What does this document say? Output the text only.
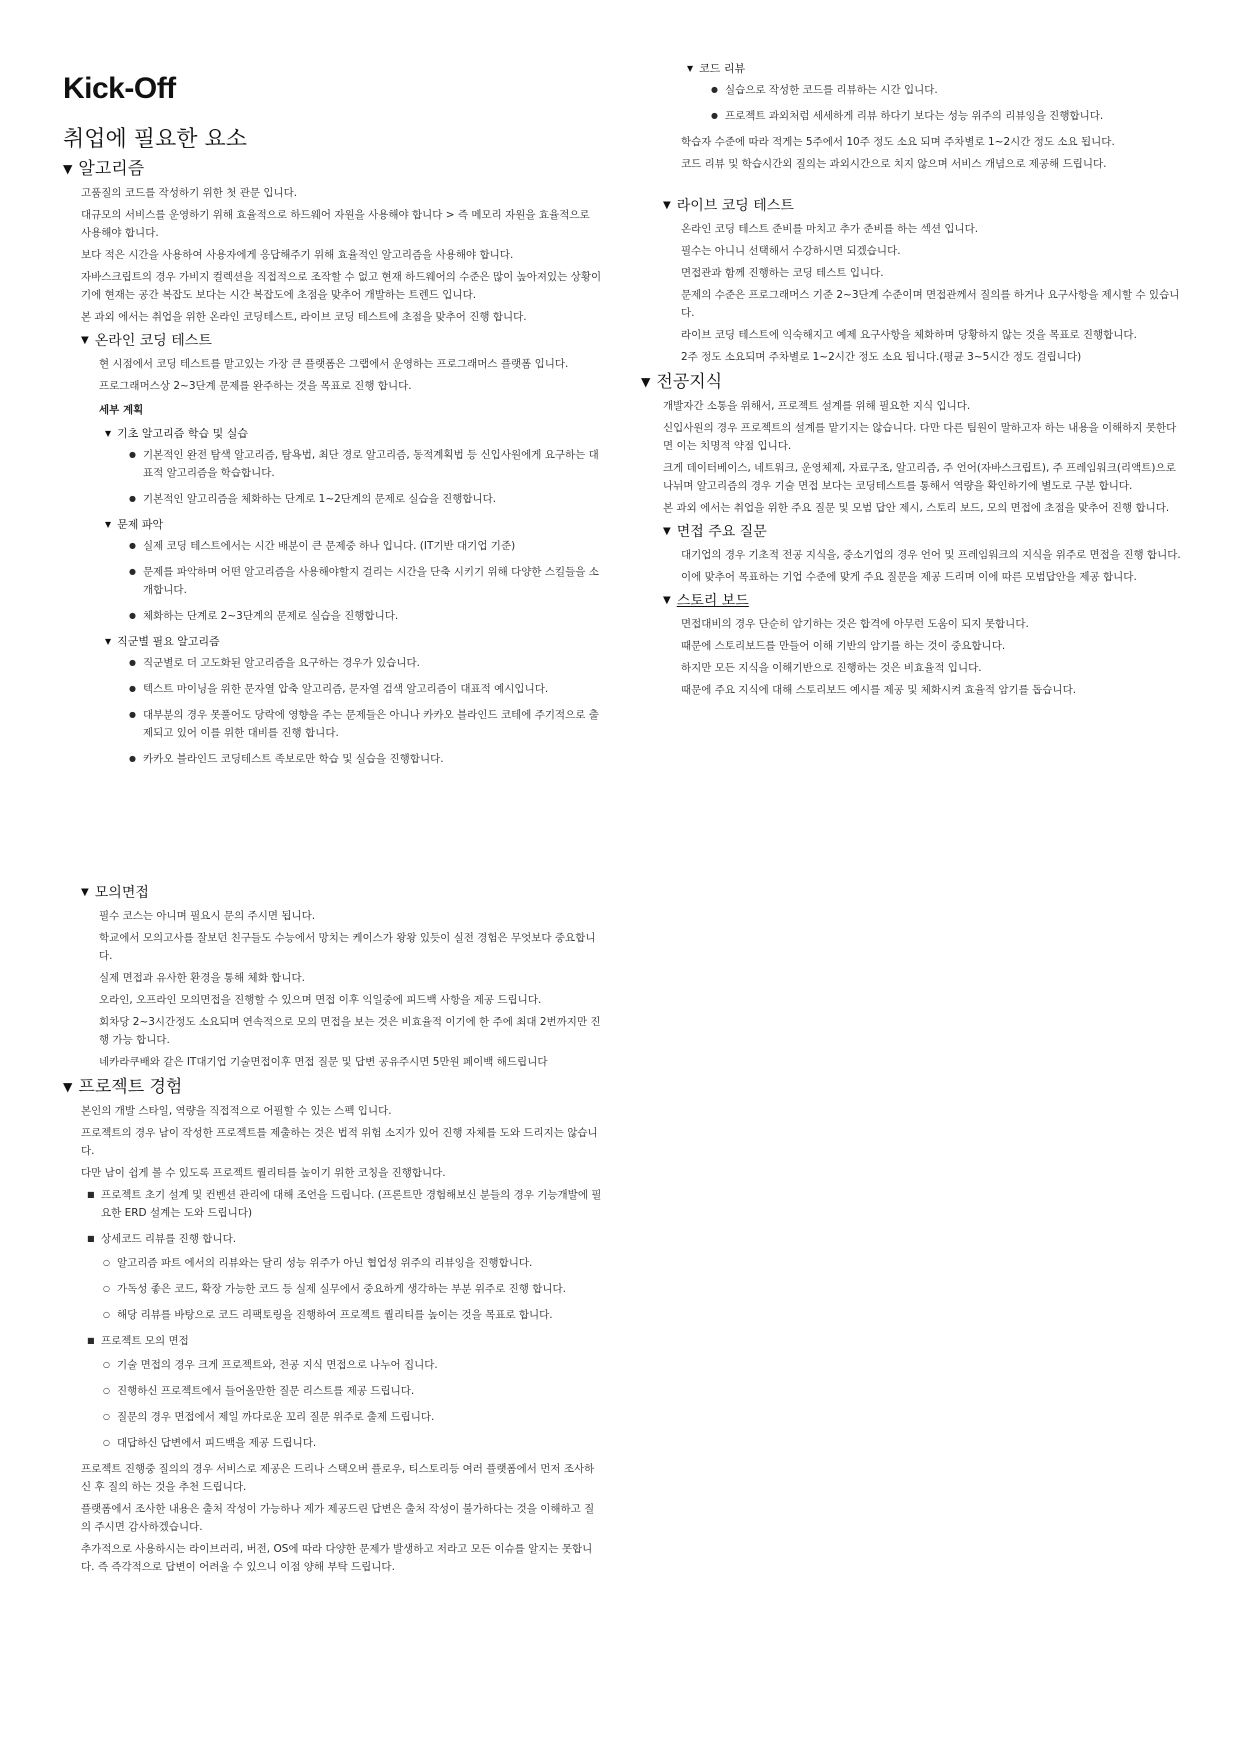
Kick-Off
취업에 필요한 요소
▼ 알고리즘

고품질의 코드를 작성하기 위한 첫 관문 입니다.

대규모의 서비스를 운영하기 위해 효율적으로 하드웨어 자원을 사용해야 합니다 > 즉 메모리 자원을 효율적으로 사용해야 합니다.

보다 적은 시간을 사용하여 사용자에게 응답해주기 위해 효율적인 알고리즘을 사용해야 합니다.

자바스크립트의 경우 가비지 컬렉션을 직접적으로 조작할 수 없고 현재 하드웨어의 수준은 많이 높아져있는 상황이기에 현재는 공간 복잡도 보다는 시간 복잡도에 초점을 맞추어 개발하는 트렌드 입니다.

본 과외 에서는 취업을 위한 온라인 코딩테스트, 라이브 코딩 테스트에 초점을 맞추어 진행 합니다.

▼ 온라인 코딩 테스트

현 시점에서 코딩 테스트를 맡고있는 가장 큰 플랫폼은 그랩에서 운영하는 프로그래머스 플랫폼 입니다.

프로그래머스상 2~3단계 문제를 완주하는 것을 목표로 진행 합니다.

세부 계획

▼ 기초 알고리즘 학습 및 실습
● 기본적인 완전 탐색 알고리즘, 탐욕법, 최단 경로 알고리즘, 동적계획법 등 신입사원에게 요구하는 대표적 알고리즘을 학습합니다.
● 기본적인 알고리즘을 체화하는 단계로 1~2단계의 문제로 실습을 진행합니다.
▼ 문제 파악
● 실제 코딩 테스트에서는 시간 배분이 큰 문제중 하나 입니다. (IT기반 대기업 기준)
● 문제를 파악하며 어떤 알고리즘을 사용해야할지 걸리는 시간을 단축 시키기 위해 다양한 스킬들을 소개합니다.
● 체화하는 단계로 2~3단계의 문제로 실습을 진행합니다.
▼ 직군별 필요 알고리즘
● 직군별로 더 고도화된 알고리즘을 요구하는 경우가 있습니다.
● 텍스트 마이닝을 위한 문자열 압축 알고리즘, 문자열 검색 알고리즘이 대표적 예시입니다.
● 대부분의 경우 못풀어도 당락에 영향을 주는 문제들은 아니나 카카오 블라인드 코테에 주기적으로 출제되고 있어 이를 위한 대비를 진행 합니다.
● 카카오 블라인드 코딩테스트 족보로만 학습 및 실습을 진행합니다.
▼ 코드 리뷰
● 실습으로 작성한 코드를 리뷰하는 시간 입니다.
● 프로젝트 과외처럼 세세하게 리뷰 하다기 보다는 성능 위주의 리뷰잉을 진행합니다.

학습자 수준에 따라 적게는 5주에서 10주 정도 소요 되며 주차별로 1~2시간 정도 소요 됩니다.

코드 리뷰 및 학습시간외 질의는 과외시간으로 치지 않으며 서비스 개념으로 제공해 드립니다.

▼ 라이브 코딩 테스트

온라인 코딩 테스트 준비를 마치고 추가 준비를 하는 섹션 입니다.

필수는 아니니 선택해서 수강하시면 되겠습니다.

면접관과 함께 진행하는 코딩 테스트 입니다.

문제의 수준은 프로그래머스 기준 2~3단계 수준이며 면접관께서 질의를 하거나 요구사항을 제시할 수 있습니다.

라이브 코딩 테스트에 익숙해지고 예제 요구사항을 체화하며 당황하지 않는 것을 목표로 진행합니다.

2주 정도 소요되며 주차별로 1~2시간 정도 소요 됩니다.(평균 3~5시간 정도 걸립니다)

▼ 전공지식

개발자간 소통을 위해서, 프로젝트 설계를 위해 필요한 지식 입니다.

신입사원의 경우 프로젝트의 설계를 맡기지는 않습니다. 다만 다른 팀원이 말하고자 하는 내용을 이해하지 못한다면 이는 치명적 약점 입니다.

크게 데이터베이스, 네트워크, 운영체제, 자료구조, 알고리즘, 주 언어(자바스크립트), 주 프레임워크(리액트)으로 나뉘며 알고리즘의 경우 기술 면접 보다는 코딩테스트를 통해서 역량을 확인하기에 별도로 구분 합니다.

본 과외 에서는 취업을 위한 주요 질문 및 모범 답안 제시, 스토리 보드, 모의 면접에 초점을 맞추어 진행 합니다.

▼ 면접 주요 질문

대기업의 경우 기초적 전공 지식을, 중소기업의 경우 언어 및 프레임워크의 지식을 위주로 면접을 진행 합니다.

이에 맞추어 목표하는 기업 수준에 맞게 주요 질문을 제공 드리며 이에 따른 모범답안을 제공 합니다.

▼ 스토리 보드

면접대비의 경우 단순히 암기하는 것은 합격에 아무런 도움이 되지 못합니다.

때문에 스토리보드를 만들어 이해 기반의 암기를 하는 것이 중요합니다.

하지만 모든 지식을 이해기반으로 진행하는 것은 비효율적 입니다.

때문에 주요 지식에 대해 스토리보드 예시를 제공 및 체화시켜 효율적 암기를 돕습니다.

▼ 모의면접

필수 코스는 아니며 필요시 문의 주시면 됩니다.

학교에서 모의고사를 잘보던 친구들도 수능에서 망치는 케이스가 왕왕 있듯이 실전 경험은 무엇보다 중요합니다.

실제 면접과 유사한 환경을 통해 체화 합니다.

오라인, 오프라인 모의면접을 진행할 수 있으며 면접 이후 익일중에 피드백 사항을 제공 드립니다.

회차당 2~3시간정도 소요되며 연속적으로 모의 면접을 보는 것은 비효율적 이기에 한 주에 최대 2번까지만 진행 가능 합니다.

네카라쿠배와 같은 IT대기업 기술면접이후 면접 질문 및 답변 공유주시면 5만원 페이백 해드립니다

▼ 프로젝트 경험

본인의 개발 스타일, 역량을 직접적으로 어필할 수 있는 스펙 입니다.

프로젝트의 경우 남이 작성한 프로젝트를 제출하는 것은 법적 위험 소지가 있어 진행 자체를 도와 드리지는 않습니다.

다만 남이 쉽게 볼 수 있도록 프로젝트 퀄리티를 높이기 위한 코칭을 진행합니다.

■ 프로젝트 초기 설계 및 컨벤션 관리에 대해 조언을 드립니다. (프론트만 경험해보신 분들의 경우 기능개발에 필요한 ERD 설계는 도와 드립니다)
■ 상세코드 리뷰를 진행 합니다.
○ 알고리즘 파트 에서의 리뷰와는 달리 성능 위주가 아닌 협업성 위주의 리뷰잉을 진행합니다.
○ 가독성 좋은 코드, 확장 가능한 코드 등 실제 실무에서 중요하게 생각하는 부분 위주로 진행 합니다.
○ 해당 리뷰를 바탕으로 코드 리팩토링을 진행하여 프로젝트 퀄리티를 높이는 것을 목표로 합니다.
■ 프로젝트 모의 면접
○ 기술 면접의 경우 크게 프로젝트와, 전공 지식 면접으로 나누어 집니다.
○ 진행하신 프로젝트에서 들어올만한 질문 리스트를 제공 드립니다.
○ 질문의 경우 면접에서 제일 까다로운 꼬리 질문 위주로 출제 드립니다.
○ 대답하신 답변에서 피드백을 제공 드립니다.

프로젝트 진행중 질의의 경우 서비스로 제공은 드리나 스택오버 플로우, 티스토리등 여러 플랫폼에서 먼저 조사하신 후 질의 하는 것을 추천 드립니다.

플랫폼에서 조사한 내용은 출처 작성이 가능하나 제가 제공드린 답변은 출처 작성이 불가하다는 것을 이해하고 질의 주시면 감사하겠습니다.

추가적으로 사용하시는 라이브러리, 버전, OS에 따라 다양한 문제가 발생하고 저라고 모든 이슈를 알지는 못합니다. 즉 즉각적으로 답변이 어려울 수 있으니 이점 양해 부탁 드립니다.
